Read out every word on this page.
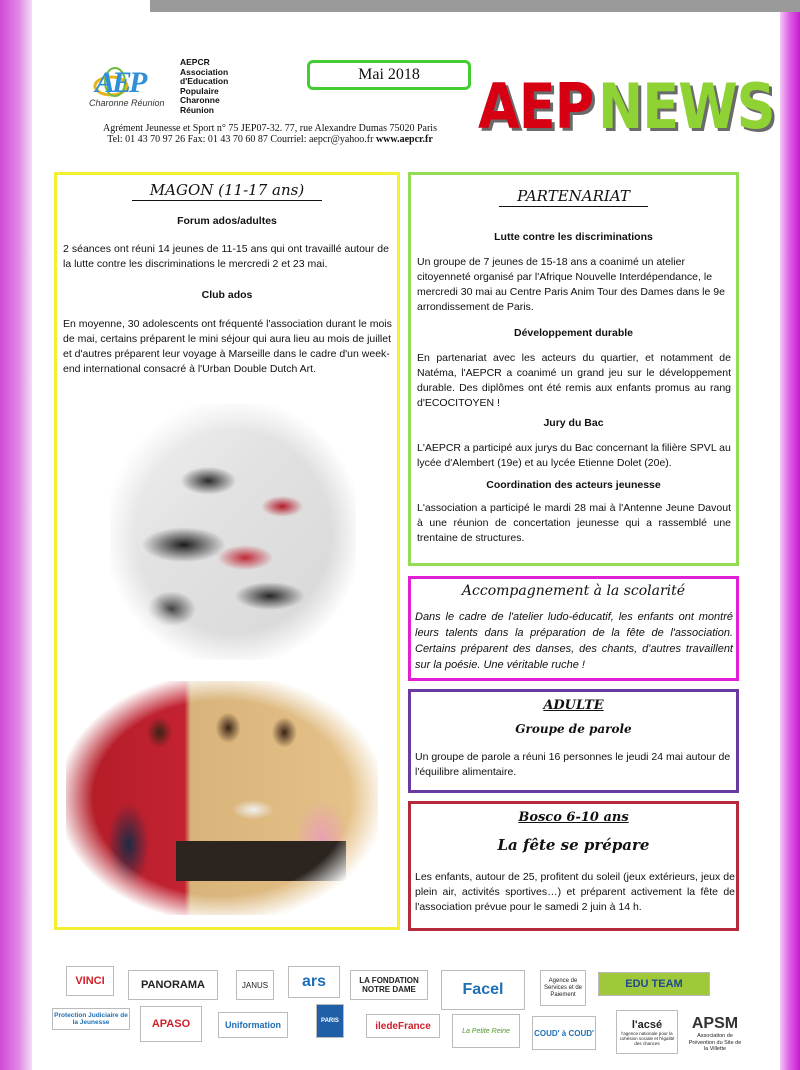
AEP
Charonne Réunion
AEPCR
Association
d'Education
Populaire
Charonne
Réunion
Mai 2018	AEP NEWS
Agrément Jeunesse et Sport n° 75 JEP07-32. 77, rue Alexandre Dumas 75020 Paris
Tel: 01 43 70 97 26 Fax: 01 43 70 60 87 Courriel: aepcr@yahoo.fr www.aepcr.fr
MAGON (11-17 ans)
Forum ados/adultes
2 séances ont réuni 14 jeunes de 11-15 ans qui ont travaillé autour de la lutte contre les discriminations le mercredi 2 et 23 mai.
Club ados
En moyenne, 30 adolescents ont fréquenté l'association durant le mois de mai, certains préparent le mini séjour qui aura lieu au mois de juillet et d'autres préparent leur voyage à Marseille dans le cadre d'un week-end international consacré à l'Urban Double Dutch Art.
PARTENARIAT
Lutte contre les discriminations
Un groupe de 7 jeunes de 15-18 ans a coanimé un atelier citoyenneté organisé par l'Afrique Nouvelle Interdépendance, le mercredi 30 mai au Centre Paris Anim Tour des Dames dans le 9e arrondissement de Paris.
Développement durable
En partenariat avec les acteurs du quartier, et notamment de Natéma, l'AEPCR a coanimé un grand jeu sur le développement durable. Des diplômes ont été remis aux enfants promus au rang d'ECOCITOYEN !
Jury du Bac
L'AEPCR a participé aux jurys du Bac concernant la filière SPVL au lycée d'Alembert (19e) et au lycée Etienne Dolet (20e).
Coordination des acteurs jeunesse
L'association a participé le mardi 28 mai à l'Antenne Jeune Davout à une réunion de concertation jeunesse qui a rassemblé une trentaine de structures.
Accompagnement à la scolarité
Dans le cadre de l'atelier ludo-éducatif, les enfants ont montré leurs talents dans la préparation de la fête de l'association. Certains préparent des danses, des chants, d'autres travaillent sur la poésie. Une véritable ruche !
ADULTE
Groupe de parole
Un groupe de parole a réuni 16 personnes le jeudi 24 mai autour de l'équilibre alimentaire.
Bosco 6-10 ans
La fête se prépare
Les enfants, autour de 25, profitent du soleil (jeux extérieurs, jeux de plein air, activités sportives…) et préparent activement la fête de l'association prévue pour le samedi 2 juin à 14 h.
VINCI	PANORAMA	JANUS ars	LA FONDATION NOTRE DAME	Facel
Agence de Services et de Paiement
EDU TEAM
APSM
Association de Prévention du Site de la Villette
Protection Judiciaire de la Jeunesse	APASO	Uniformation	PARIS	iledeFrance	La Petite Reine	COUD' à COUD'
l'acsé
l'agence nationale pour la cohésion sociale et l'égalité des chances
